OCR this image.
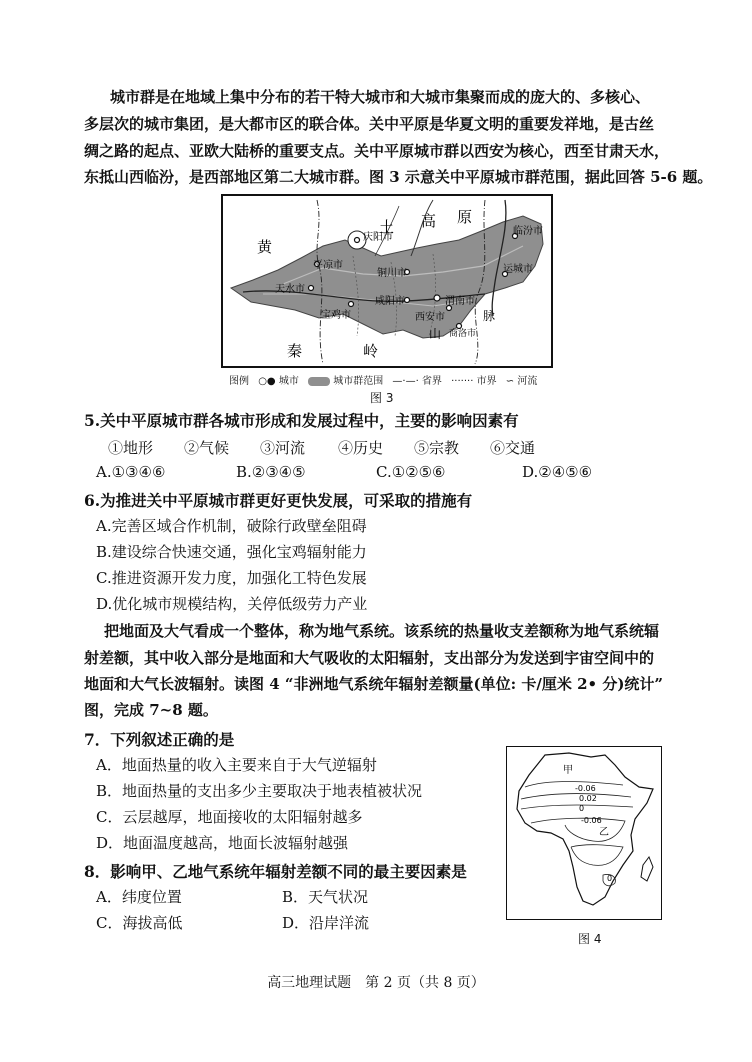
城市群是在地域上集中分布的若干特大城市和大城市集聚而成的庞大的、多核心、
多层次的城市集团，是大都市区的联合体。关中平原是华夏文明的重要发祥地，是古丝
绸之路的起点、亚欧大陆桥的重要支点。关中平原城市群以西安为核心，西至甘肃天水，
东抵山西临汾，是西部地区第二大城市群。图 3 示意关中平原城市群范围，据此回答 5-6 题。
土 高 原
黄
秦	岭
山
脉
庆阳市
平凉市
铜川市
天水市
咸阳市	渭南市
宝鸡市	西安市
商洛市
临汾市
运城市
图例 ○● 城市	城市群范围 —·—· 省界 ······· 市界 ∽ 河流
图 3
5.关中平原城市群各城市形成和发展过程中，主要的影响因素有
①地形 ②气候 ③河流 ④历史 ⑤宗教 ⑥交通
A.①③④⑥	B.②③④⑤	C.①②⑤⑥	D.②④⑤⑥
6.为推进关中平原城市群更好更快发展，可采取的措施有
A.完善区域合作机制，破除行政壁垒阻碍
B.建设综合快速交通，强化宝鸡辐射能力
C.推进资源开发力度，加强化工特色发展
D.优化城市规模结构，关停低级劳力产业
把地面及大气看成一个整体，称为地气系统。该系统的热量收支差额称为地气系统辐
射差额，其中收入部分是地面和大气吸收的太阳辐射，支出部分为发送到宇宙空间中的
地面和大气长波辐射。读图 4 “非洲地气系统年辐射差额量(单位: 卡/厘米 2• 分)统计”
图，完成 7~8 题。
7．下列叙述正确的是
A．地面热量的收入主要来自于大气逆辐射
B．地面热量的支出多少主要取决于地表植被状况
C．云层越厚，地面接收的太阳辐射越多
D．地面温度越高，地面长波辐射越强
8．影响甲、乙地气系统年辐射差额不同的最主要因素是
A．纬度位置	B．天气状况
C．海拔高低	D．沿岸洋流
甲
乙
-0.06
0.02
0
-0.06
0
图 4
高三地理试题　第 2 页（共 8 页）
